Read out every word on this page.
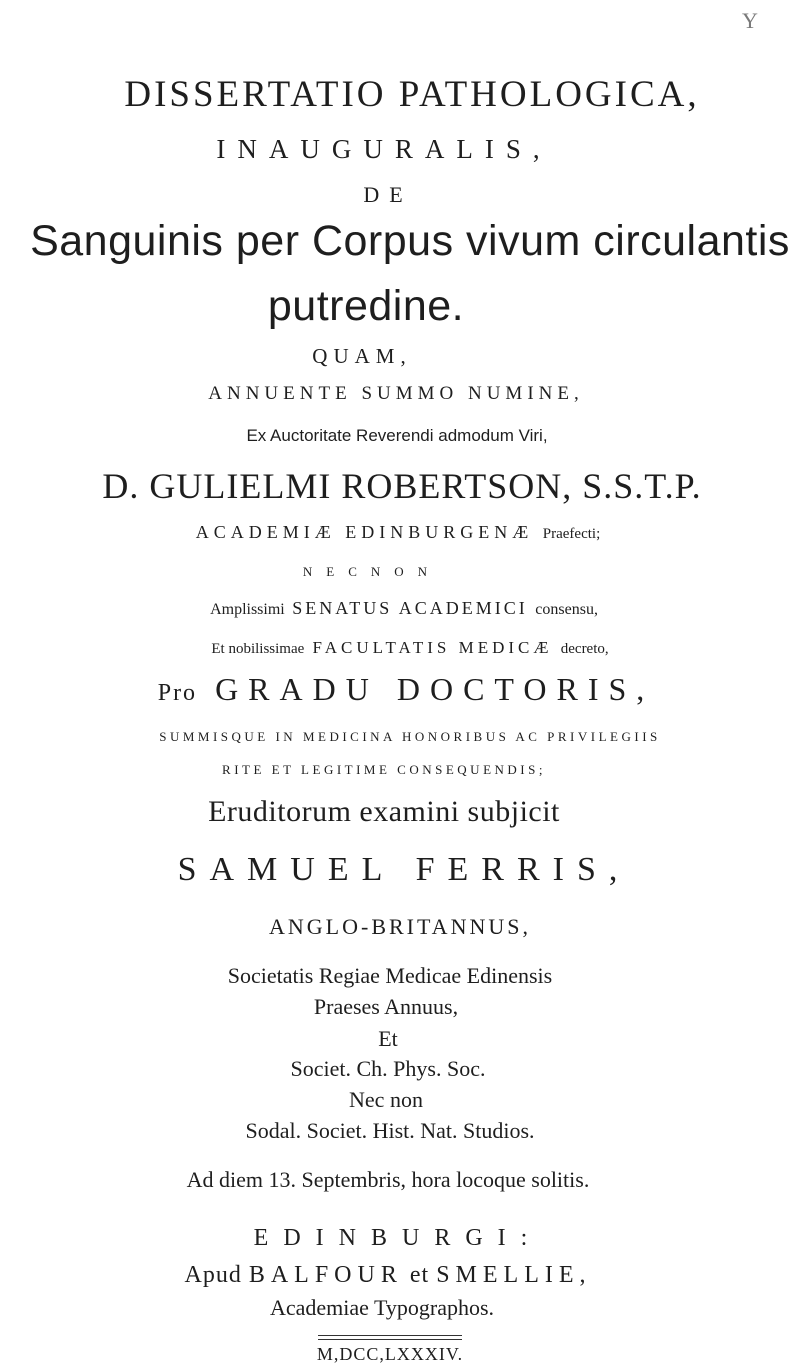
Y
DISSERTATIO PATHOLOGICA,
INAUGURALIS,
DE
Sanguinis per Corpus vivum circulantis
putredine.
QUAM,
ANNUENTE SUMMO NUMINE,
Ex Auctoritate Reverendi admodum Viri,
D. GULIELMI ROBERTSON, S.S.T.P.
ACADEMIÆ EDINBURGENÆ Praefecti;
NECNON
Amplissimi SENATUS ACADEMICI consensu,
Et nobilissimae FACULTATIS MEDICÆ decreto,
Pro GRADU DOCTORIS,
SUMMISQUE IN MEDICINA HONORIBUS AC PRIVILEGIIS
RITE ET LEGITIME CONSEQUENDIS;
Eruditorum examini subjicit
SAMUEL FERRIS,
ANGLO-BRITANNUS,
Societatis Regiae Medicae Edinensis
Praeses Annuus,
Et
Societ. Ch. Phys. Soc.
Nec non
Sodal. Societ. Hist. Nat. Studios.
Ad diem 13. Septembris, hora locoque solitis.
EDINBURGI:
Apud BALFOUR et SMELLIE,
Academiae Typographos.
M,DCC,LXXXIV.
